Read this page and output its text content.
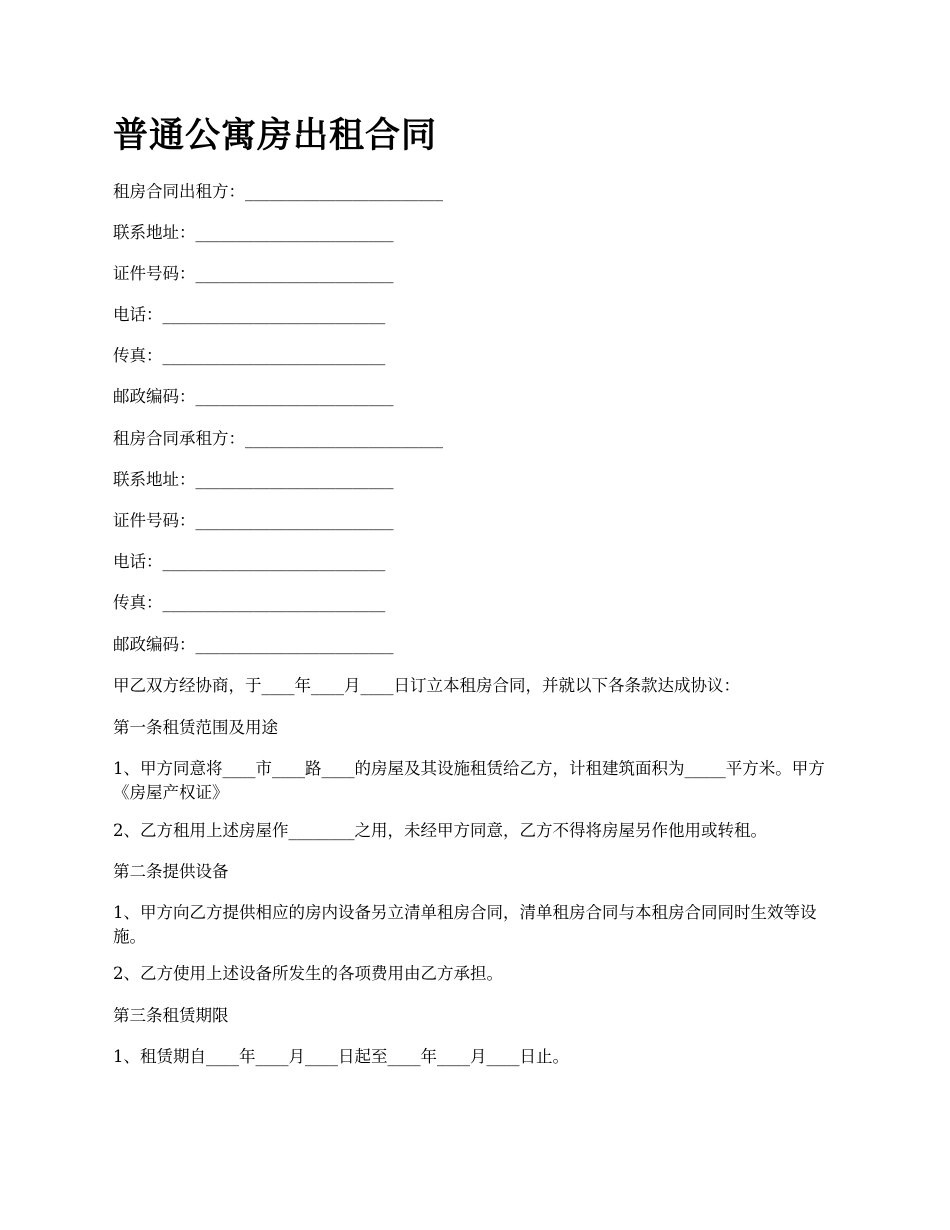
普通公寓房出租合同

租房合同出租方：________________________

联系地址：________________________

证件号码：________________________

电话：___________________________

传真：___________________________

邮政编码：________________________

租房合同承租方：________________________

联系地址：________________________

证件号码：________________________

电话：___________________________

传真：___________________________

邮政编码：________________________

甲乙双方经协商，于____年____月____日订立本租房合同，并就以下各条款达成协议：

第一条租赁范围及用途

1、甲方同意将____市____路____的房屋及其设施租赁给乙方，计租建筑面积为_____平方米。甲方《房屋产权证》

2、乙方租用上述房屋作________之用，未经甲方同意，乙方不得将房屋另作他用或转租。

第二条提供设备

1、甲方向乙方提供相应的房内设备另立清单租房合同，清单租房合同与本租房合同同时生效等设施。

2、乙方使用上述设备所发生的各项费用由乙方承担。

第三条租赁期限

1、租赁期自____年____月____日起至____年____月____日止。
